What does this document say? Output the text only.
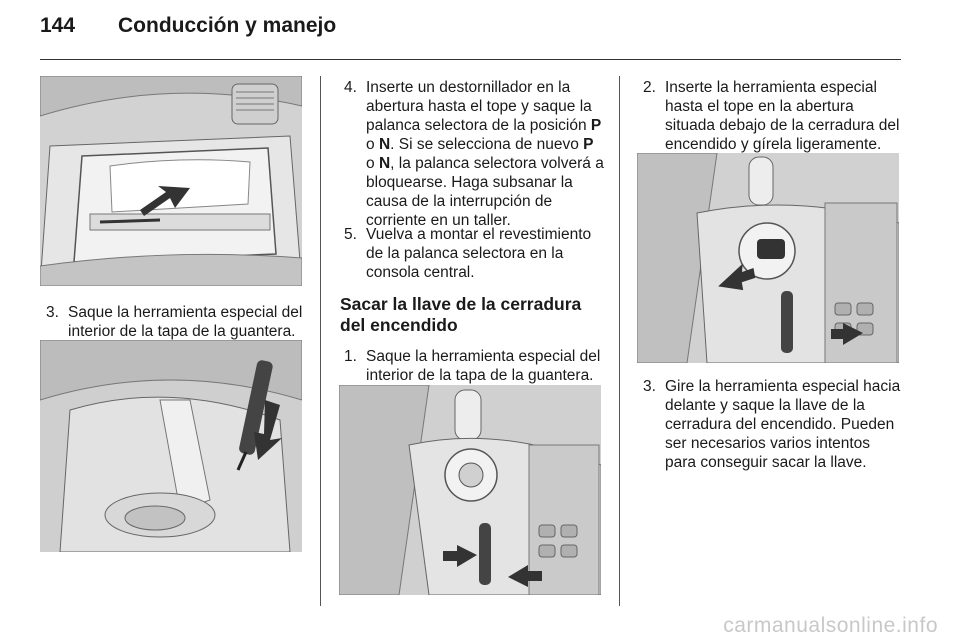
144	Conducción y manejo
3. Saque la herramienta especial del interior de la tapa de la guantera.
4. Inserte un destornillador en la abertura hasta el tope y saque la palanca selectora de la posición P o N. Si se selecciona de nuevo P o N, la palanca selectora volverá a bloquearse. Haga subsanar la causa de la interrupción de corriente en un taller.
5. Vuelva a montar el revestimiento de la palanca selectora en la consola central.
Sacar la llave de la cerradura del encendido
1. Saque la herramienta especial del interior de la tapa de la guantera.
2. Inserte la herramienta especial hasta el tope en la abertura situada debajo de la cerradura del encendido y gírela ligeramente.
3. Gire la herramienta especial hacia delante y saque la llave de la cerradura del encendido. Pueden ser necesarios varios intentos para conseguir sacar la llave.
carmanualsonline.info
